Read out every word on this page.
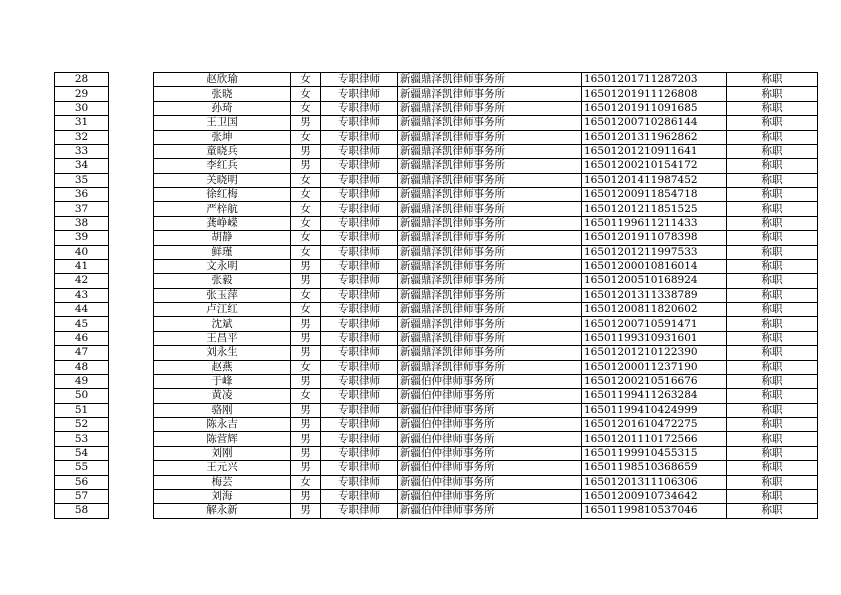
28		赵欣瑜	女	专职律师	新疆鼎泽凯律师事务所	16501201711287203	称职
29		张晓	女	专职律师	新疆鼎泽凯律师事务所	16501201911126808	称职
30		孙琦	女	专职律师	新疆鼎泽凯律师事务所	16501201911091685	称职
31		王卫国	男	专职律师	新疆鼎泽凯律师事务所	16501200710286144	称职
32		张坤	女	专职律师	新疆鼎泽凯律师事务所	16501201311962862	称职
33		童晓兵	男	专职律师	新疆鼎泽凯律师事务所	16501201210911641	称职
34		李红兵	男	专职律师	新疆鼎泽凯律师事务所	16501200210154172	称职
35		关晓明	女	专职律师	新疆鼎泽凯律师事务所	16501201411987452	称职
36		徐红梅	女	专职律师	新疆鼎泽凯律师事务所	16501200911854718	称职
37		严梓航	女	专职律师	新疆鼎泽凯律师事务所	16501201211851525	称职
38		龚峥嵘	女	专职律师	新疆鼎泽凯律师事务所	16501199611211433	称职
39		胡静	女	专职律师	新疆鼎泽凯律师事务所	16501201911078398	称职
40		鲜瑾	女	专职律师	新疆鼎泽凯律师事务所	16501201211997533	称职
41		文永明	男	专职律师	新疆鼎泽凯律师事务所	16501200010816014	称职
42		张毅	男	专职律师	新疆鼎泽凯律师事务所	16501200510168924	称职
43		张玉萍	女	专职律师	新疆鼎泽凯律师事务所	16501201311338789	称职
44		卢江红	女	专职律师	新疆鼎泽凯律师事务所	16501200811820602	称职
45		沈斌	男	专职律师	新疆鼎泽凯律师事务所	16501200710591471	称职
46		王昌平	男	专职律师	新疆鼎泽凯律师事务所	16501199310931601	称职
47		刘永生	男	专职律师	新疆鼎泽凯律师事务所	16501201210122390	称职
48		赵燕	女	专职律师	新疆鼎泽凯律师事务所	16501200011237190	称职
49		于峰	男	专职律师	新疆伯仲律师事务所	16501200210516676	称职
50		黄凌	女	专职律师	新疆伯仲律师事务所	16501199411263284	称职
51		骆刚	男	专职律师	新疆伯仲律师事务所	16501199410424999	称职
52		陈永吉	男	专职律师	新疆伯仲律师事务所	16501201610472275	称职
53		陈营辉	男	专职律师	新疆伯仲律师事务所	16501201110172566	称职
54		刘刚	男	专职律师	新疆伯仲律师事务所	16501199910455315	称职
55		王元兴	男	专职律师	新疆伯仲律师事务所	16501198510368659	称职
56		梅芸	女	专职律师	新疆伯仲律师事务所	16501201311106306	称职
57		刘海	男	专职律师	新疆伯仲律师事务所	16501200910734642	称职
58		解永新	男	专职律师	新疆伯仲律师事务所	16501199810537046	称职
